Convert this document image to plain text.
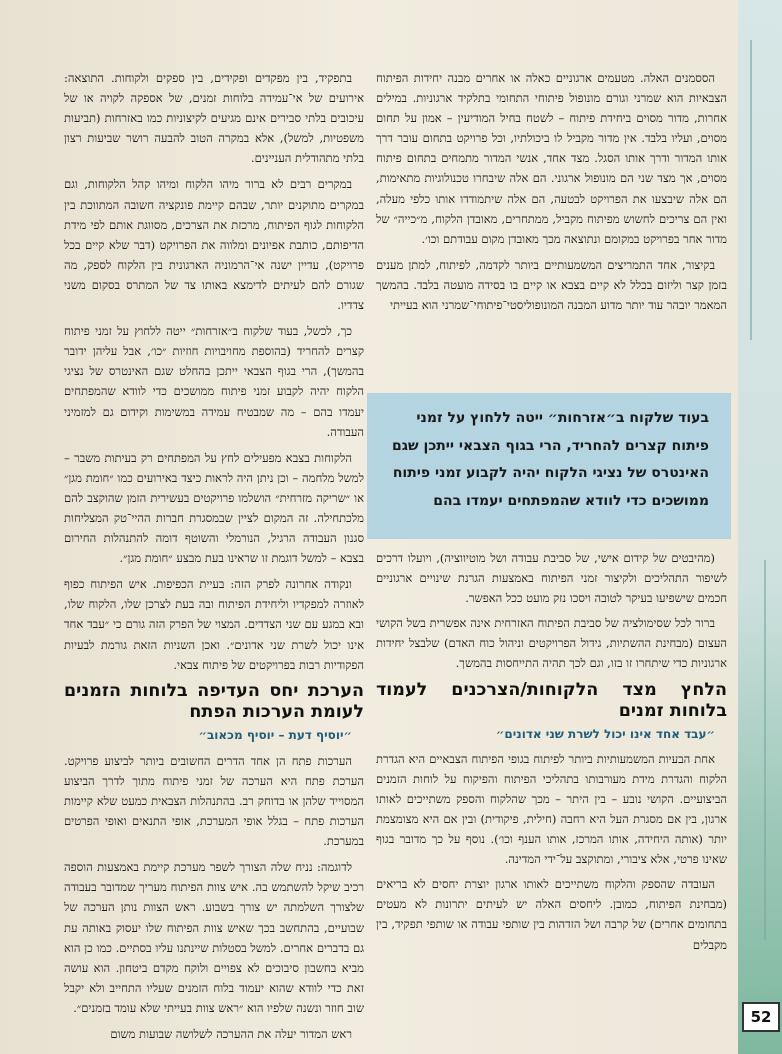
בתפקיד, בין מפקדים ופקידים, בין ספקים ולקוחות. התוצאה: אירועים של אי־עמידה בלוחות זמנים, של אספקה לקויה או של עיכובים בלתי סבירים אינם מגיעים לקיצוניות כמו באזרחות (תביעות משפטיות, למשל), אלא במקרה הטוב להבעה רושר שביעות רצון בלתי מתהודלית העניינים.

במקרים רבים לא ברור מיהו הלקוח ומיהו קהל הלקוחות, וגם במקרים מתוקנים יותר, שבהם קיימת פונקציה חשובה המתווכת בין הלקוחות לגוף הפיתוח, מרכזת את הצרכים, מסווגת אותם לפי מידת הדיפותם, כותבת אפיונים ומלווה את הפרויקט (דבר שלא קיים בכל פרויקט), עדיין ישנה אי־הרמוניה הארגונית בין הלקוח לספק, מה שגורם להם לעיתים לדימצא באותו צד של המתרס בסקום משני צדדיו.

כך, לכשל, בעוד שלקוח ב״אזרחות״ ייטה ללחוץ על זמני פיתוח קצרים להחריד (בהוספת מחויבויות חוזיות ״כו׳, אבל עליהן ידובר בהמשך), הרי בגוף הצבאי ייתכן בהחלט שגם האינטרס של נציגי הלקוח יהיה לקבוע זמני פיתוח ממושכים כדי לוודא שהמפתחים יעמדו בהם – מה שמבטיח עמידה במשימות וקידום גם למזמיני העבודה.

הלקוחות בצבא מפעילים לחץ על המפתחים רק בעיתות משבר – למשל מלחמה – וכן ניתן היה לראות כיצד באירועים כמו ״חומת מגן״ או ״שריקה מזרחית״ הושלמו פרויקטים בעשירית הזמן שהוקצב להם מלכתחילה. זה המקום לציין שבמסגרת חברות ההיי־טק המצליחות סגנון העבודה הרגיל, הנורמלי והשוטף דומה להתנהלות החירום בצבא – למשל דוגמת זו שראינו בעת מבצע ״חומת מגן״.

ונקודה אחרונה לפרק הזה: בעיית הכפיפות. איש הפיתוח כפוף לאוזרה למפקדיו וליחידת הפיתוח ובה בעת לצרכן שלו, הלקוח שלו, ובא במגע עם שני הצדדים. המצוי של הפרק הזה גורם כי ״עבד אחד אינו יכול לשרת שני אדונים״. ואכן השניות הזאת גורמת לבעיות הפקודיות רבות בפרויקטים של פיתוח צבאי.

הערכת יחס העדיפה בלוחות הזמנים לעומת הערכות הפתח

״יוסיף דעת – יוסיף מכאוב״

הערכות פתח הן אחד הדרים החשובים ביותר לביצוע פרויקט. הערכת פתח היא הערכה של זמני פיתוח מתוך לדרך הביצוע המסוייד שלהן או בדוחק רב. בהתנהלות הצבאית כמעט שלא קיימות הערכות פתח – בגלל אופי המערכת, אופי התנאים ואופי הפרטים במערכת.

לדוגמה: נניח שלה הצורך לשפר מערכת קיימת באמצעות הוספה רכיב שיקל להשתמש בה. איש צוות הפיתוח מעריך שמדובר בעבודה שלצורך השלמתה יש צורך בשבוע. ראש הצוות נותן הערכה של שבועיים, בהתחשב בכך שאיש צוות הפיתוח שלו יעסוק באותה עת גם בדברים אחרים. למשל בסטלות שיינתנו עליו בסתיים. כמו כן הוא מביא בחשבון סיבוכים לא צפויים ולוקח מקדם ביטחון. הוא עושה זאת כדי לוודא שהוא יעמוד בלוח הזמנים שעליו התחייב ולא יקבל שוב חוזר ונשנה שלפיו הוא ״ראש צוות בעייתי שלא עומד בזמנים״.

ראש המדור יעלה את ההערכה לשלושה שבועות משום

הססמנים האלה. מטעמים ארגוניים כאלה או אחרים מבנה יחידות הפיתוח הצבאיות הוא שמרני וגורם מונופול פיתוחי התחומי בתלקיד ארגוניות. במילים אחרות, מדור מסוים ביחידת פיתוח – לשטח בחיל המודיעין – אמון על תחום מסוים, ועליו בלבד. אין מדור מקביל לו ביכולתיו, וכל פרויקט בתחום עובר דרך אותו המדור ודרך אותו הסגל. מצד אחד, אנשי המדור מתמחים בתחום פיתוח מסוים, אך מצד שני הם מונופול ארגוני. הם אלה שיבחרו טכנולוגיות מתאימות, הם אלה שיבצעו את הפרויקט לבטעה, הם אלה שיתמודדו אותו כלפי מעלה, ואין הם צריכים לחשוש מפיתוח מקביל, ממתחרים, מאובדן הלקוח, מ״כייה״ של מדור אחר בפרויקט במקומם ונתוצאה מכך מאובדן מקום עבודתם וכו׳.

בקיצור, אחד התמריצים המשמעותיים ביותר לקדמה, לפיתוח, למתן מענים בזמן קצר וליזום בכלל לא קיים בצבא או קיים בו בסידה מועטה בלבד. בהמשך המאמר יובהר עוד יותר מדוע המבנה המונופוליסטי־פיתוחי־שמרני הוא בעייתי

בעוד שלקוח ב״אזרחות״ ייטה ללחוץ על זמני פיתוח קצרים להחריד, הרי בגוף הצבאי ייתכן שגם האינטרס של נציגי הלקוח יהיה לקבוע זמני פיתוח ממושכים כדי לוודא שהמפתחים יעמדו בהם

(מהיבטים של קידום אישי, של סביבת עבודה ושל מוטיווציה), ויועלו דרכים לשיפור התהליכים ולקיצור זמני הפיתוח באמצעות הגרנת שינויים ארגוניים חכמים שישפיעו בעיקר לטובה ויסכו נזק מועט ככל האפשר.

ברור לכל שסימולציה של סביבת הפיתוח האזרחית אינה אפשרית בשל הקושי העצום (מבחינת ההשתיות, גידול הפרויקטים וניהול כוח האדם) שלבצל יחידות ארגוניות כדי שיתחרו זו בזו, וגם לכך תהיה התייחסות בהמשך.

הלחץ מצד הלקוחות/הצרכנים לעמוד בלוחות זמנים

״עבד אחד אינו יכול לשרת שני אדונים״

אחת הבעיות המשמעותיות ביותר לפיתוח בגופי הפיתוח הצבאיים היא הגדרת הלקוח והגדרת מידת מעורבותו בתהליכי הפיתוח והפיקוח על לוחות הזמנים הביצועיים. הקושי נובע – בין היתר – מכך שהלקוח והספק משתייכים לאותו ארגון, בין אם מסגרת העל היא רחבה (חילית, פיקודית) ובין אם היא מצומצמת יותר (אותה היחידה, אותו המרכז, אותו הענף וכו׳). נוסף על כך מדובר בגוף שאינו פרטי, אלא ציבורי, ומתוקצב על־ידי המדינה.

העובדה שהספק והלקוח משתייכים לאותו ארגון יוצרת יחסים לא בריאים (מבחינת הפיתוח, כמובן. ליחסים האלה יש לעיתים יתרונות לא מעטים בתחומים אחרים) של קרבה ושל הזדהות בין שותפי עבודה או שותפי תפקיד, בין מקבלים

52
